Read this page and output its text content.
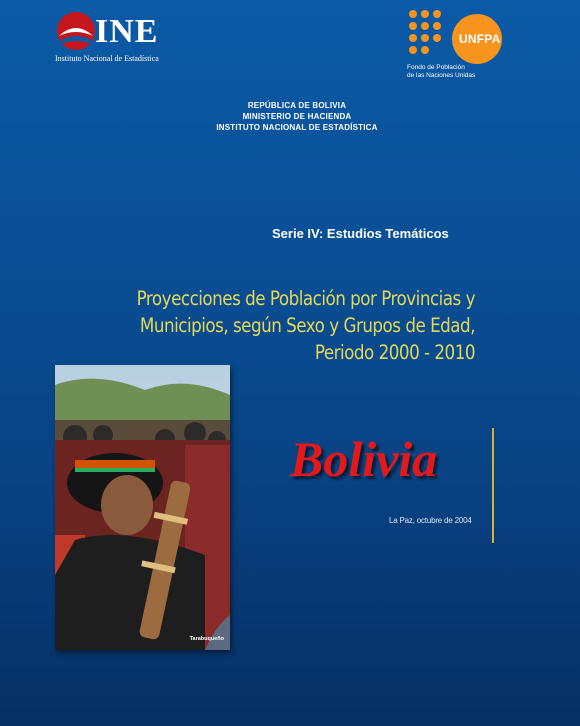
INE
Instituto Nacional de Estadística
UNFPA
Fondo de Población
de las Naciones Unidas
REPÚBLICA DE BOLIVIA
MINISTERIO DE HACIENDA
INSTITUTO NACIONAL DE ESTADÍSTICA
Serie IV: Estudios Temáticos
Proyecciones de Población por Provincias y
Municipios, según Sexo y Grupos de Edad,
Periodo 2000 - 2010
Tarabuqueño
Bolivia
La Paz, octubre de 2004
